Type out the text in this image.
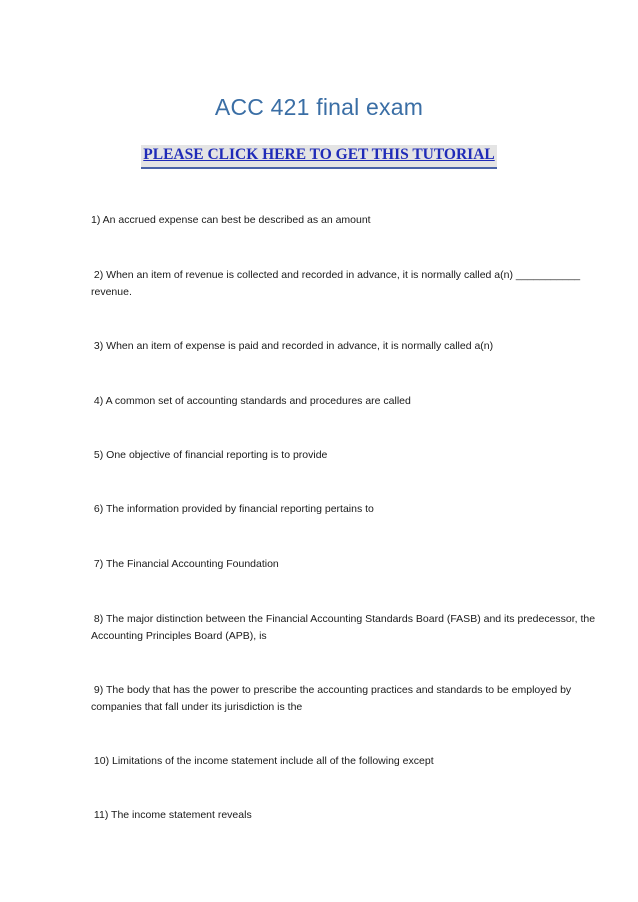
ACC 421 final exam
PLEASE CLICK HERE TO GET THIS TUTORIAL

1) An accrued expense can best be described as an amount

2) When an item of revenue is collected and recorded in advance, it is normally called a(n) ___________ revenue.

3) When an item of expense is paid and recorded in advance, it is normally called a(n)

4) A common set of accounting standards and procedures are called

5) One objective of financial reporting is to provide

6) The information provided by financial reporting pertains to

7) The Financial Accounting Foundation

8) The major distinction between the Financial Accounting Standards Board (FASB) and its predecessor, the Accounting Principles Board (APB), is

9) The body that has the power to prescribe the accounting practices and standards to be employed by companies that fall under its jurisdiction is the

10) Limitations of the income statement include all of the following except

11) The income statement reveals
